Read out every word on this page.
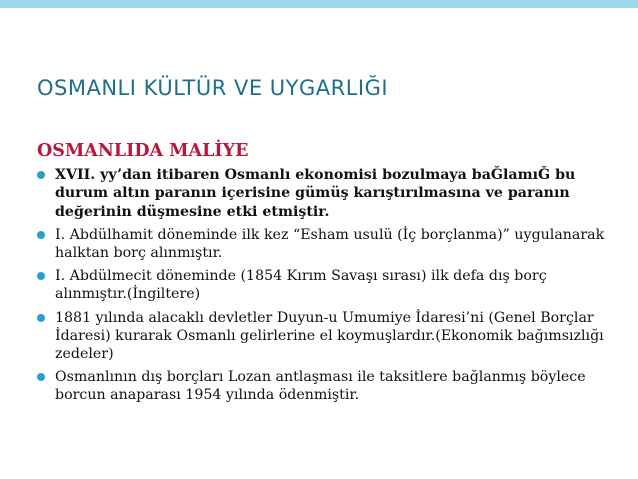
OSMANLI KÜLTÜR VE UYGARLIĞI
OSMANLIDA MALİYE
XVII. yy’dan itibaren Osmanlı ekonomisi bozulmaya baĞlamıĞ bu durum altın paranın içerisine gümüş karıştırılmasına ve paranın değerinin düşmesine etki etmiştir.
I. Abdülhamit döneminde ilk kez “Esham usulü (İç borçlanma)” uygulanarak halktan borç alınmıştır.
I. Abdülmecit döneminde (1854 Kırım Savaşı sırası) ilk defa dış borç alınmıştır.(İngiltere)
1881 yılında alacaklı devletler Duyun-u Umumiye İdaresi’ni (Genel Borçlar İdaresi) kurarak Osmanlı gelirlerine el koymuşlardır.(Ekonomik bağımsızlığı zedeler)
Osmanlının dış borçları Lozan antlaşması ile taksitlere bağlanmış böylece borcun anaparası 1954 yılında ödenmiştir.
